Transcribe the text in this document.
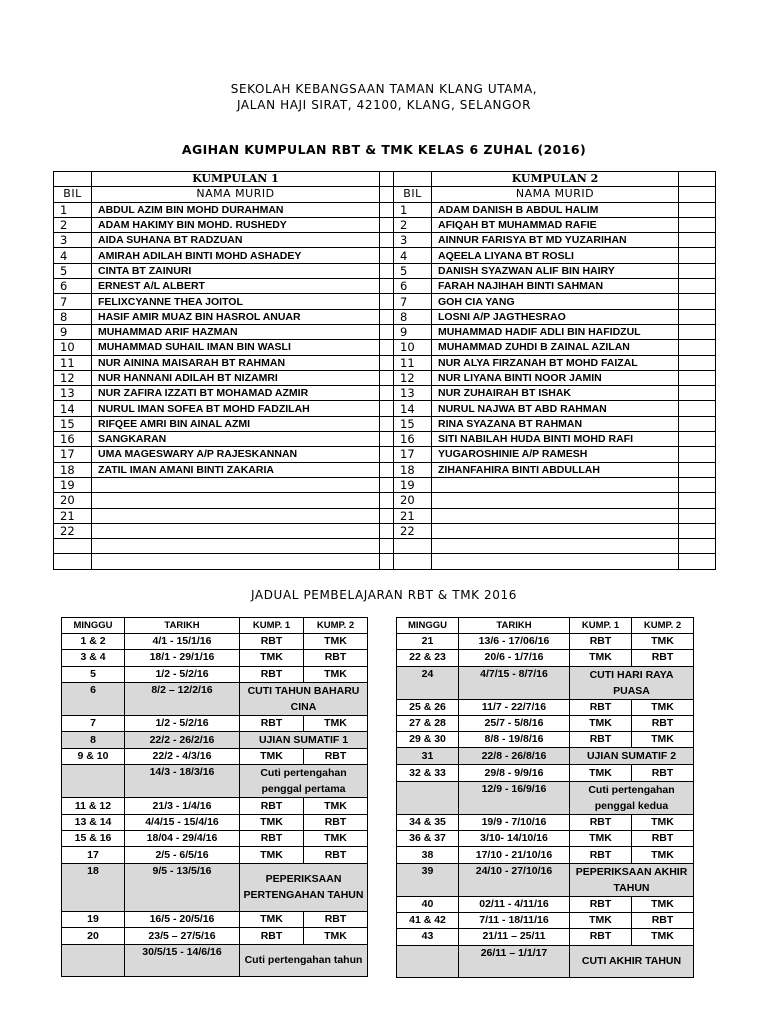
SEKOLAH KEBANGSAAN TAMAN KLANG UTAMA,
JALAN HAJI SIRAT, 42100, KLANG, SELANGOR
AGIHAN KUMPULAN RBT & TMK KELAS 6 ZUHAL (2016)
	KUMPULAN 1			KUMPULAN 2	
BIL	NAMA MURID		BIL	NAMA MURID	
1	ABDUL AZIM BIN MOHD DURAHMAN		1	ADAM DANISH B ABDUL HALIM	
2	ADAM HAKIMY BIN MOHD. RUSHEDY		2	AFIQAH BT MUHAMMAD RAFIE	
3	AIDA SUHANA BT RADZUAN		3	AINNUR FARISYA BT MD YUZARIHAN	
4	AMIRAH ADILAH BINTI MOHD ASHADEY		4	AQEELA LIYANA BT ROSLI	
5	CINTA BT ZAINURI		5	DANISH SYAZWAN ALIF BIN HAIRY	
6	ERNEST A/L ALBERT		6	FARAH NAJIHAH BINTI SAHMAN	
7	FELIXCYANNE THEA JOITOL		7	GOH CIA YANG	
8	HASIF AMIR MUAZ BIN HASROL ANUAR		8	LOSNI A/P JAGTHESRAO	
9	MUHAMMAD ARIF HAZMAN		9	MUHAMMAD HADIF ADLI BIN HAFIDZUL	
10	MUHAMMAD SUHAIL IMAN BIN WASLI		10	MUHAMMAD ZUHDI B ZAINAL AZILAN	
11	NUR AININA MAISARAH BT RAHMAN		11	NUR ALYA FIRZANAH BT MOHD FAIZAL	
12	NUR HANNANI ADILAH BT NIZAMRI		12	NUR LIYANA BINTI NOOR JAMIN	
13	NUR ZAFIRA IZZATI BT MOHAMAD AZMIR		13	NUR ZUHAIRAH BT ISHAK	
14	NURUL IMAN SOFEA BT MOHD FADZILAH		14	NURUL NAJWA BT ABD RAHMAN	
15	RIFQEE AMRI BIN AINAL AZMI		15	RINA SYAZANA BT RAHMAN	
16	SANGKARAN		16	SITI NABILAH HUDA BINTI MOHD RAFI	
17	UMA MAGESWARY A/P RAJESKANNAN		17	YUGAROSHINIE A/P RAMESH	
18	ZATIL IMAN AMANI BINTI ZAKARIA		18	ZIHANFAHIRA BINTI ABDULLAH	
19			19		
20			20		
21			21		
22			22		

JADUAL PEMBELAJARAN RBT & TMK 2016
MINGGU	TARIKH	KUMP. 1	KUMP. 2
1 & 2	4/1 - 15/1/16	RBT	TMK
3 & 4	18/1 - 29/1/16	TMK	RBT
5	1/2 - 5/2/16	RBT	TMK
6	8/2 – 12/2/16	CUTI TAHUN BAHARU CINA	
7	1/2 - 5/2/16	RBT	TMK
8	22/2 - 26/2/16	UJIAN SUMATIF 1	
9 & 10	22/2 - 4/3/16	TMK	RBT
	14/3 - 18/3/16	Cuti pertengahan penggal pertama	
11 & 12	21/3 - 1/4/16	RBT	TMK
13 & 14	4/4/15 - 15/4/16	TMK	RBT
15 & 16	18/04 - 29/4/16	RBT	TMK
17	2/5 - 6/5/16	TMK	RBT
18	9/5 - 13/5/16	PEPERIKSAAN PERTENGAHAN TAHUN	
19	16/5 - 20/5/16	TMK	RBT
20	23/5 – 27/5/16	RBT	TMK
	30/5/15 - 14/6/16	Cuti pertengahan tahun	
MINGGU	TARIKH	KUMP. 1	KUMP. 2
21	13/6 - 17/06/16	RBT	TMK
22 & 23	20/6 - 1/7/16	TMK	RBT
24	4/7/15 - 8/7/16	CUTI HARI RAYA PUASA	
25 & 26	11/7 - 22/7/16	RBT	TMK
27 & 28	25/7 - 5/8/16	TMK	RBT
29 & 30	8/8 - 19/8/16	RBT	TMK
31	22/8 - 26/8/16	UJIAN SUMATIF 2	
32 & 33	29/8 - 9/9/16	TMK	RBT
	12/9 - 16/9/16	Cuti pertengahan penggal kedua	
34 & 35	19/9 - 7/10/16	RBT	TMK
36 & 37	3/10- 14/10/16	TMK	RBT
38	17/10 - 21/10/16	RBT	TMK
39	24/10 - 27/10/16	PEPERIKSAAN AKHIR TAHUN	
40	02/11 - 4/11/16	RBT	TMK
41 & 42	7/11 - 18/11/16	TMK	RBT
43	21/11 – 25/11	RBT	TMK
	26/11 – 1/1/17	CUTI AKHIR TAHUN	
